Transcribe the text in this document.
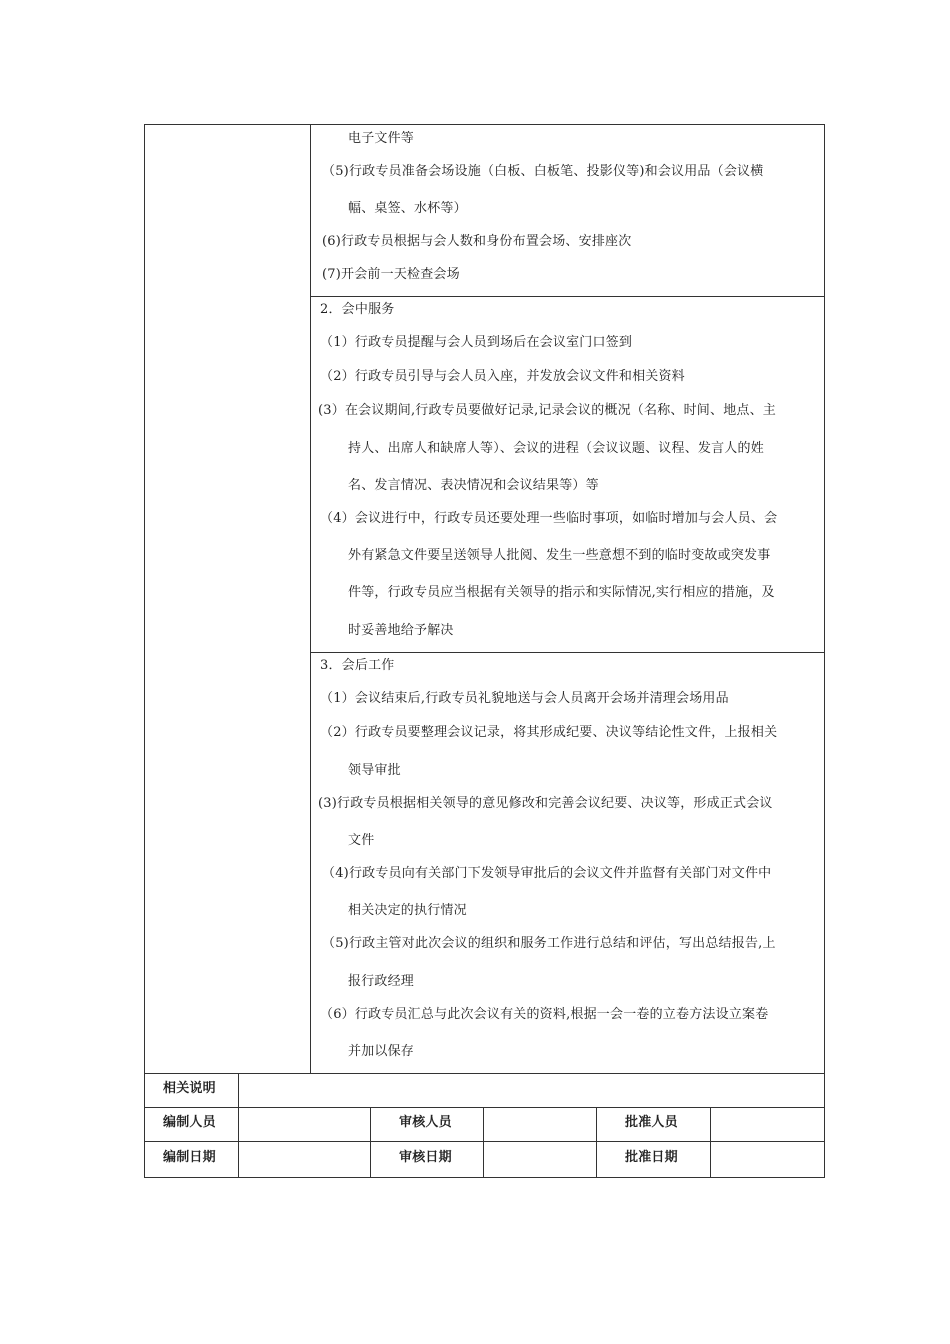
电子文件等
（5)行政专员准备会场设施（白板、白板笔、投影仪等)和会议用品（会议横
幅、桌签、水杯等）
(6)行政专员根据与会人数和身份布置会场、安排座次
(7)开会前一天检查会场
2．会中服务
（1）行政专员提醒与会人员到场后在会议室门口签到
（2）行政专员引导与会人员入座，并发放会议文件和相关资料
(3）在会议期间,行政专员要做好记录,记录会议的概况（名称、时间、地点、主
持人、出席人和缺席人等）、会议的进程（会议议题、议程、发言人的姓
名、发言情况、表决情况和会议结果等）等
（4）会议进行中，行政专员还要处理一些临时事项，如临时增加与会人员、会
外有紧急文件要呈送领导人批阅、发生一些意想不到的临时变故或突发事
件等，行政专员应当根据有关领导的指示和实际情况,实行相应的措施，及
时妥善地给予解决
3．会后工作
（1）会议结束后,行政专员礼貌地送与会人员离开会场并清理会场用品
（2）行政专员要整理会议记录，将其形成纪要、决议等结论性文件，上报相关
领导审批
(3)行政专员根据相关领导的意见修改和完善会议纪要、决议等，形成正式会议
文件
（4)行政专员向有关部门下发领导审批后的会议文件并监督有关部门对文件中
相关决定的执行情况
（5)行政主管对此次会议的组织和服务工作进行总结和评估，写出总结报告,上
报行政经理
（6）行政专员汇总与此次会议有关的资料,根据一会一卷的立卷方法设立案卷
并加以保存
相关说明
编制人员	审核人员	批准人员
编制日期	审核日期	批准日期
